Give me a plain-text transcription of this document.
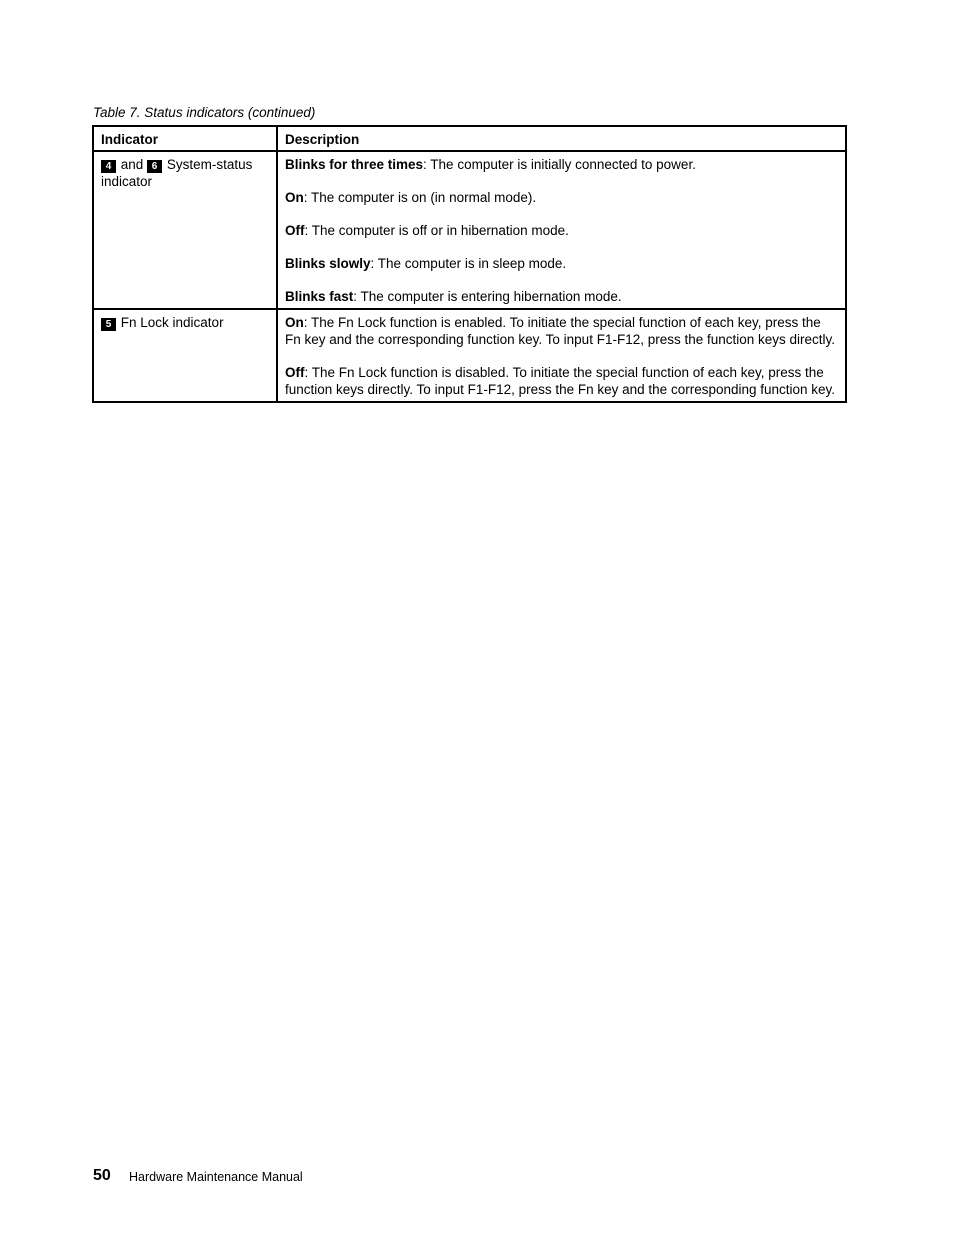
Table 7. Status indicators (continued)
Indicator	Description
4 and 6 System-status indicator	Blinks for three times: The computer is initially connected to power.

On: The computer is on (in normal mode).

Off: The computer is off or in hibernation mode.

Blinks slowly: The computer is in sleep mode.

Blinks fast: The computer is entering hibernation mode.

5 Fn Lock indicator	On: The Fn Lock function is enabled. To initiate the special function of each key, press the Fn key and the corresponding function key. To input F1-F12, press the function keys directly.

Off: The Fn Lock function is disabled. To initiate the special function of each key, press the function keys directly. To input F1-F12, press the Fn key and the corresponding function key.

50 Hardware Maintenance Manual
